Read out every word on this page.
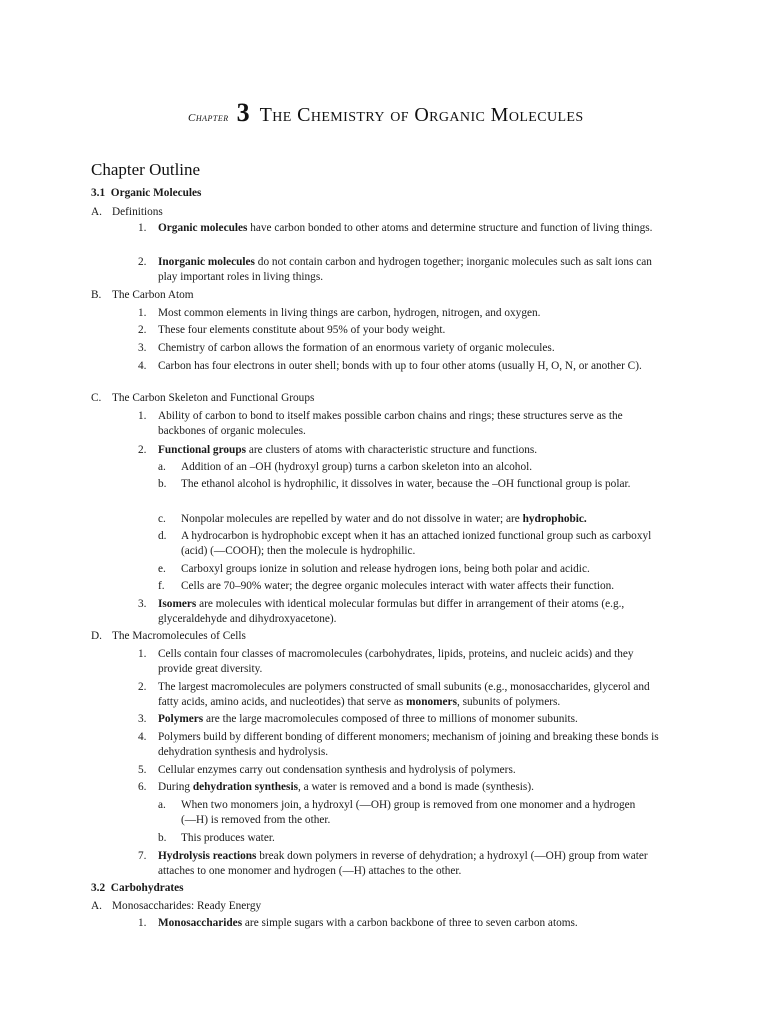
Chapter 3 The Chemistry of Organic Molecules
Chapter Outline
3.1 Organic Molecules
A. Definitions
1. Organic molecules have carbon bonded to other atoms and determine structure and function of living things.
2. Inorganic molecules do not contain carbon and hydrogen together; inorganic molecules such as salt ions can play important roles in living things.
B. The Carbon Atom
1. Most common elements in living things are carbon, hydrogen, nitrogen, and oxygen.
2. These four elements constitute about 95% of your body weight.
3. Chemistry of carbon allows the formation of an enormous variety of organic molecules.
4. Carbon has four electrons in outer shell; bonds with up to four other atoms (usually H, O, N, or another C).
C. The Carbon Skeleton and Functional Groups
1. Ability of carbon to bond to itself makes possible carbon chains and rings; these structures serve as the backbones of organic molecules.
2. Functional groups are clusters of atoms with characteristic structure and functions.
a. Addition of an –OH (hydroxyl group) turns a carbon skeleton into an alcohol.
b. The ethanol alcohol is hydrophilic, it dissolves in water, because the –OH functional group is polar.
c. Nonpolar molecules are repelled by water and do not dissolve in water; are hydrophobic.
d. A hydrocarbon is hydrophobic except when it has an attached ionized functional group such as carboxyl (acid) (—COOH); then the molecule is hydrophilic.
e. Carboxyl groups ionize in solution and release hydrogen ions, being both polar and acidic.
f. Cells are 70–90% water; the degree organic molecules interact with water affects their function.
3. Isomers are molecules with identical molecular formulas but differ in arrangement of their atoms (e.g., glyceraldehyde and dihydroxyacetone).
D. The Macromolecules of Cells
1. Cells contain four classes of macromolecules (carbohydrates, lipids, proteins, and nucleic acids) and they provide great diversity.
2. The largest macromolecules are polymers constructed of small subunits (e.g., monosaccharides, glycerol and fatty acids, amino acids, and nucleotides) that serve as monomers, subunits of polymers.
3. Polymers are the large macromolecules composed of three to millions of monomer subunits.
4. Polymers build by different bonding of different monomers; mechanism of joining and breaking these bonds is dehydration synthesis and hydrolysis.
5. Cellular enzymes carry out condensation synthesis and hydrolysis of polymers.
6. During dehydration synthesis, a water is removed and a bond is made (synthesis).
a. When two monomers join, a hydroxyl (—OH) group is removed from one monomer and a hydrogen (—H) is removed from the other.
b. This produces water.
7. Hydrolysis reactions break down polymers in reverse of dehydration; a hydroxyl (—OH) group from water attaches to one monomer and hydrogen (—H) attaches to the other.
3.2 Carbohydrates
A. Monosaccharides: Ready Energy
1. Monosaccharides are simple sugars with a carbon backbone of three to seven carbon atoms.
